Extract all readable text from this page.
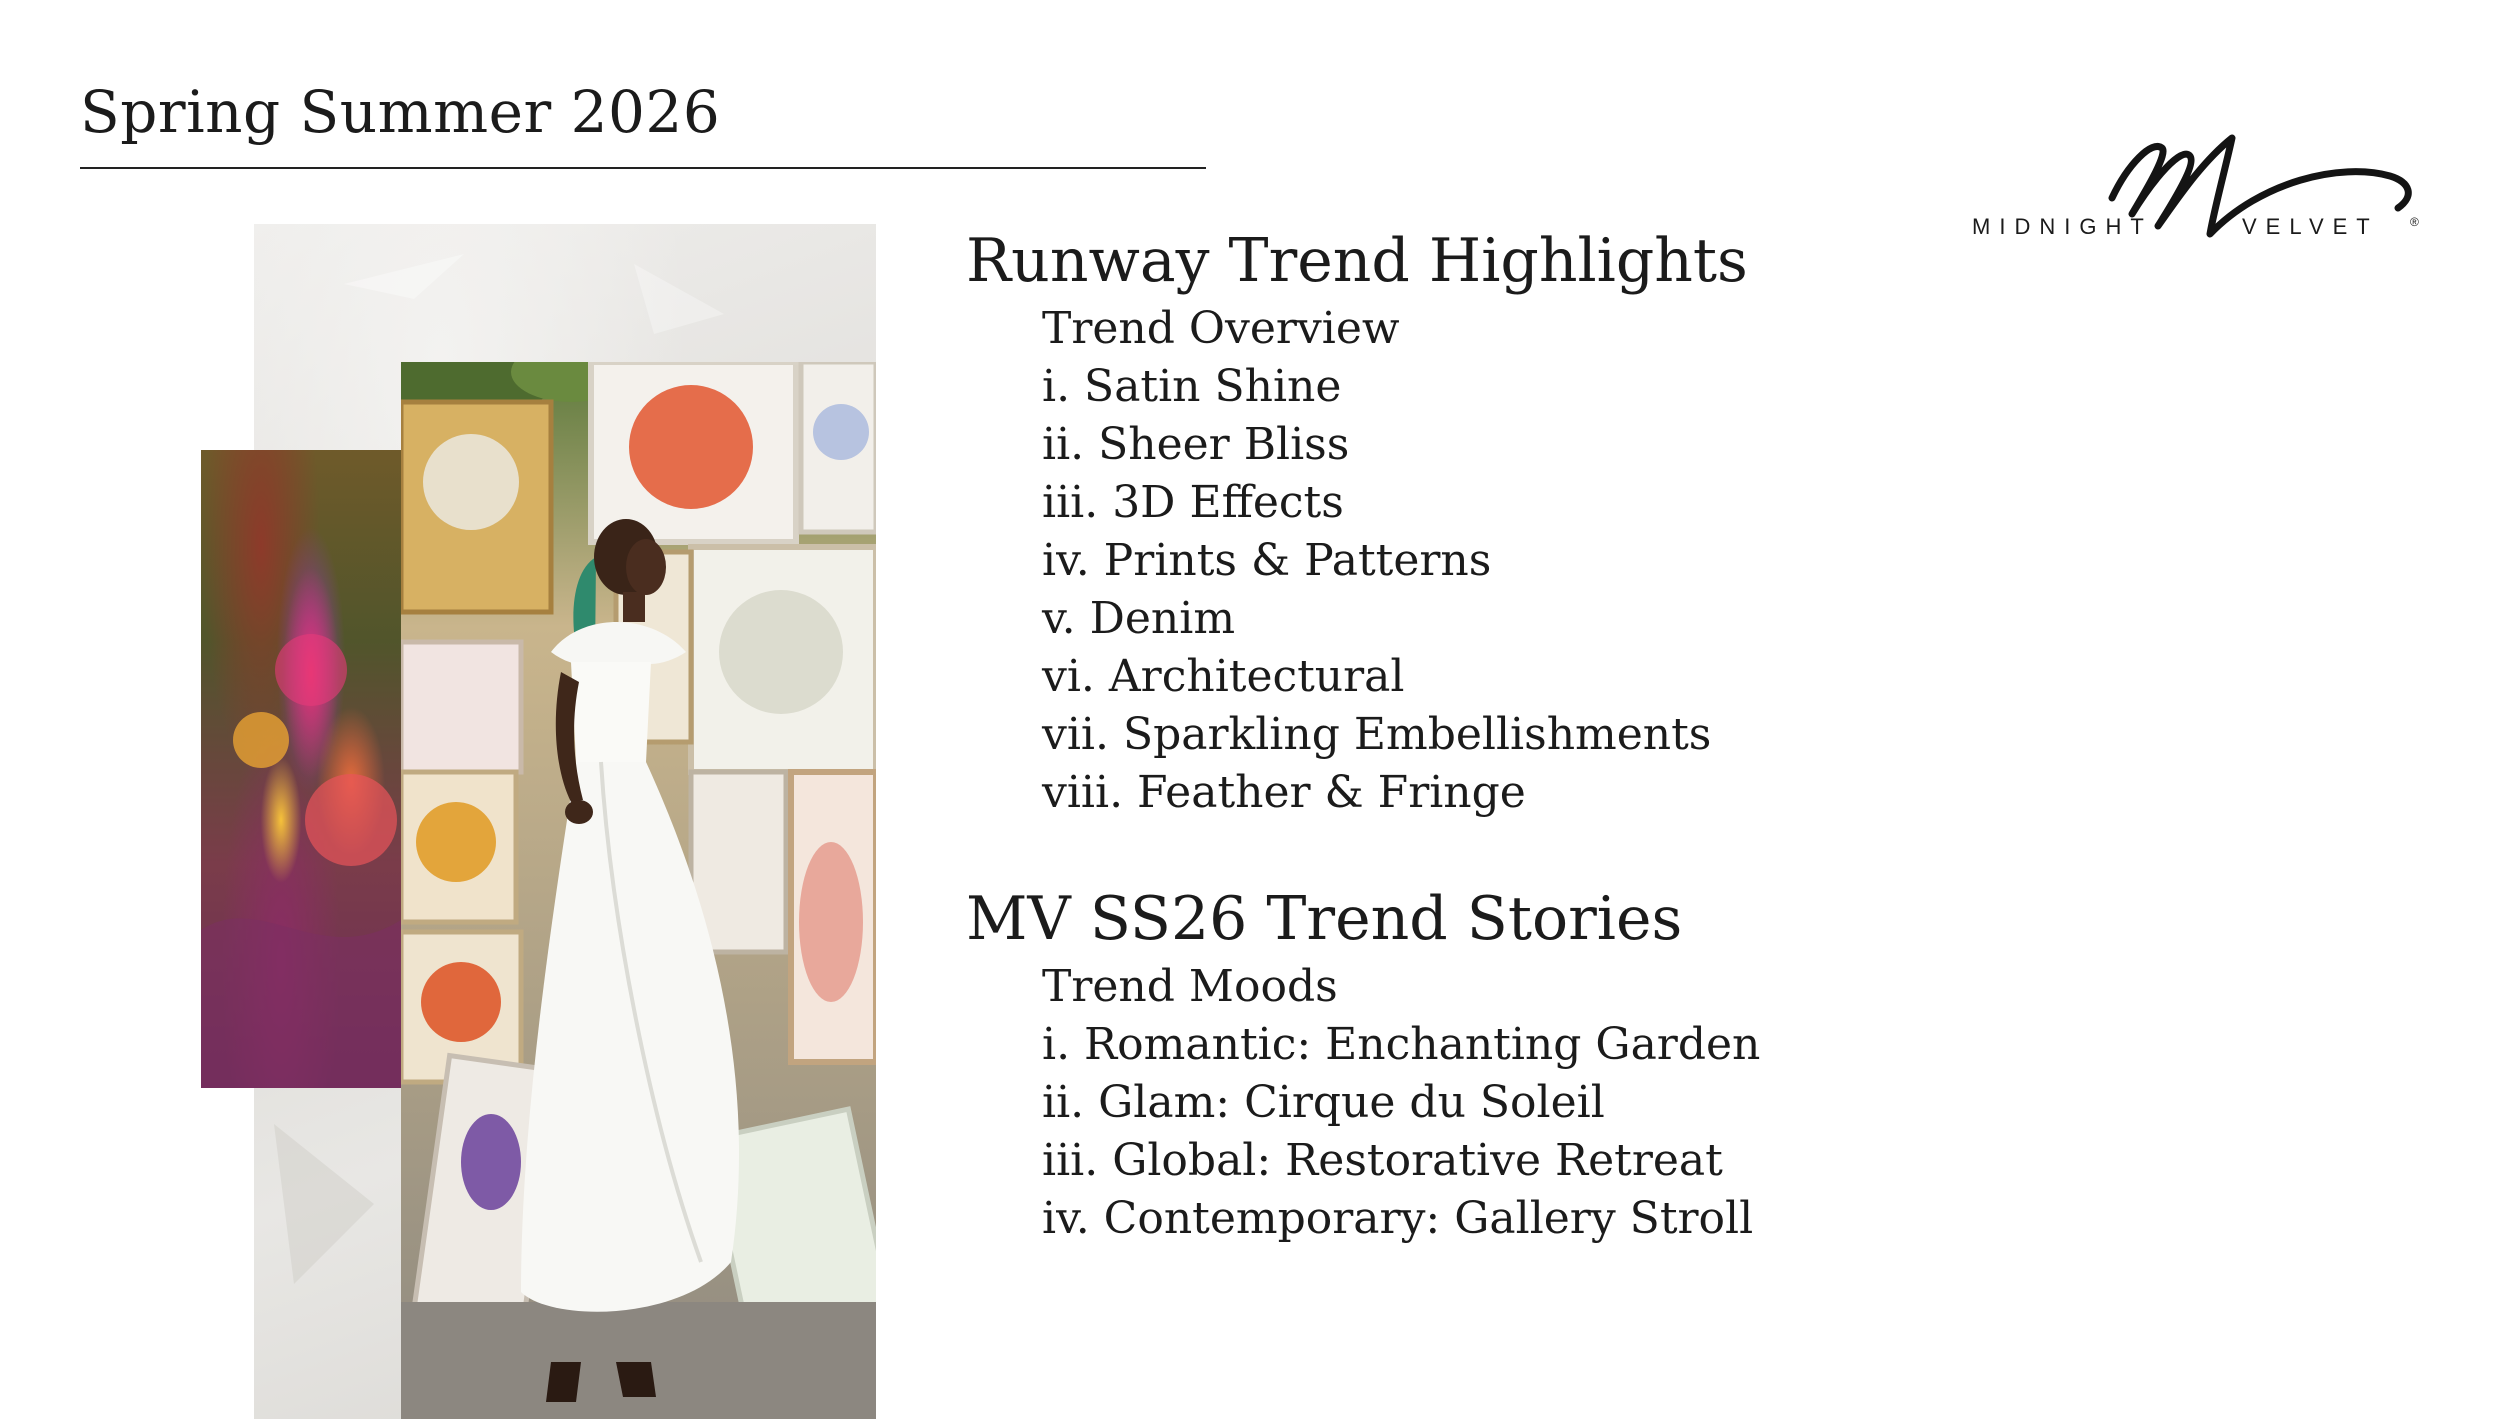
Spring Summer 2026
MIDNIGHT	VELVET	®
Runway Trend Highlights
Trend Overview
i. Satin Shine
ii. Sheer Bliss
iii. 3D Effects
iv. Prints & Patterns
v. Denim
vi. Architectural
vii. Sparkling Embellishments
viii. Feather & Fringe
MV SS26 Trend Stories
Trend Moods
i. Romantic: Enchanting Garden
ii. Glam: Cirque du Soleil
iii. Global: Restorative Retreat
iv. Contemporary: Gallery Stroll
